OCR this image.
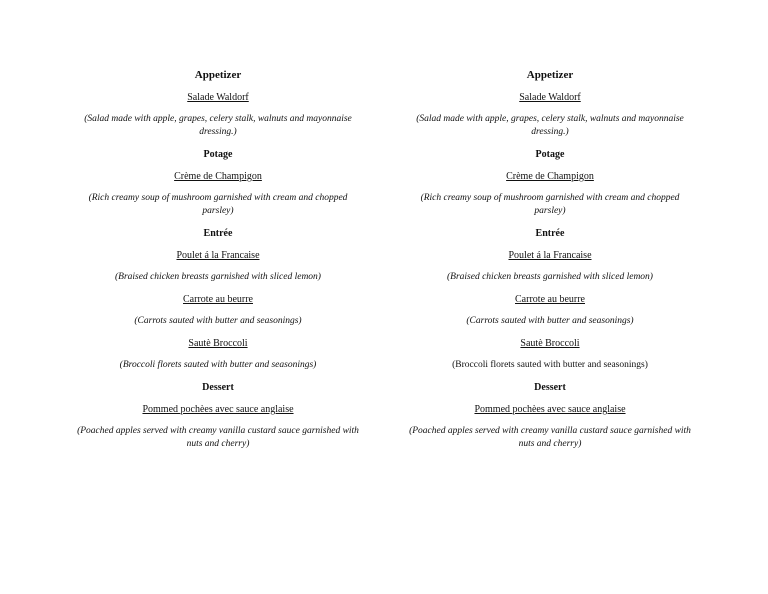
Appetizer
Salade Waldorf
(Salad made with apple, grapes, celery stalk, walnuts and mayonnaise dressing.)
Potage
Crème de Champigon
(Rich creamy soup of mushroom garnished with cream and chopped parsley)
Entrée
Poulet á la Francaise
(Braised chicken breasts garnished with sliced lemon)
Carrote au beurre
(Carrots sauted with butter and seasonings)
Sautè Broccoli
(Broccoli florets sauted with butter and seasonings)
Dessert
Pommed pochèes avec sauce anglaise
(Poached apples served with creamy vanilla custard sauce garnished with nuts and cherry)
Appetizer
Salade Waldorf
(Salad made with apple, grapes, celery stalk, walnuts and mayonnaise dressing.)
Potage
Crème de Champigon
(Rich creamy soup of mushroom garnished with cream and chopped parsley)
Entrée
Poulet á la Francaise
(Braised chicken breasts garnished with sliced lemon)
Carrote au beurre
(Carrots sauted with butter and seasonings)
Sautè Broccoli
(Broccoli florets sauted with butter and seasonings)
Dessert
Pommed pochèes avec sauce anglaise
(Poached apples served with creamy vanilla custard sauce garnished with nuts and cherry)
